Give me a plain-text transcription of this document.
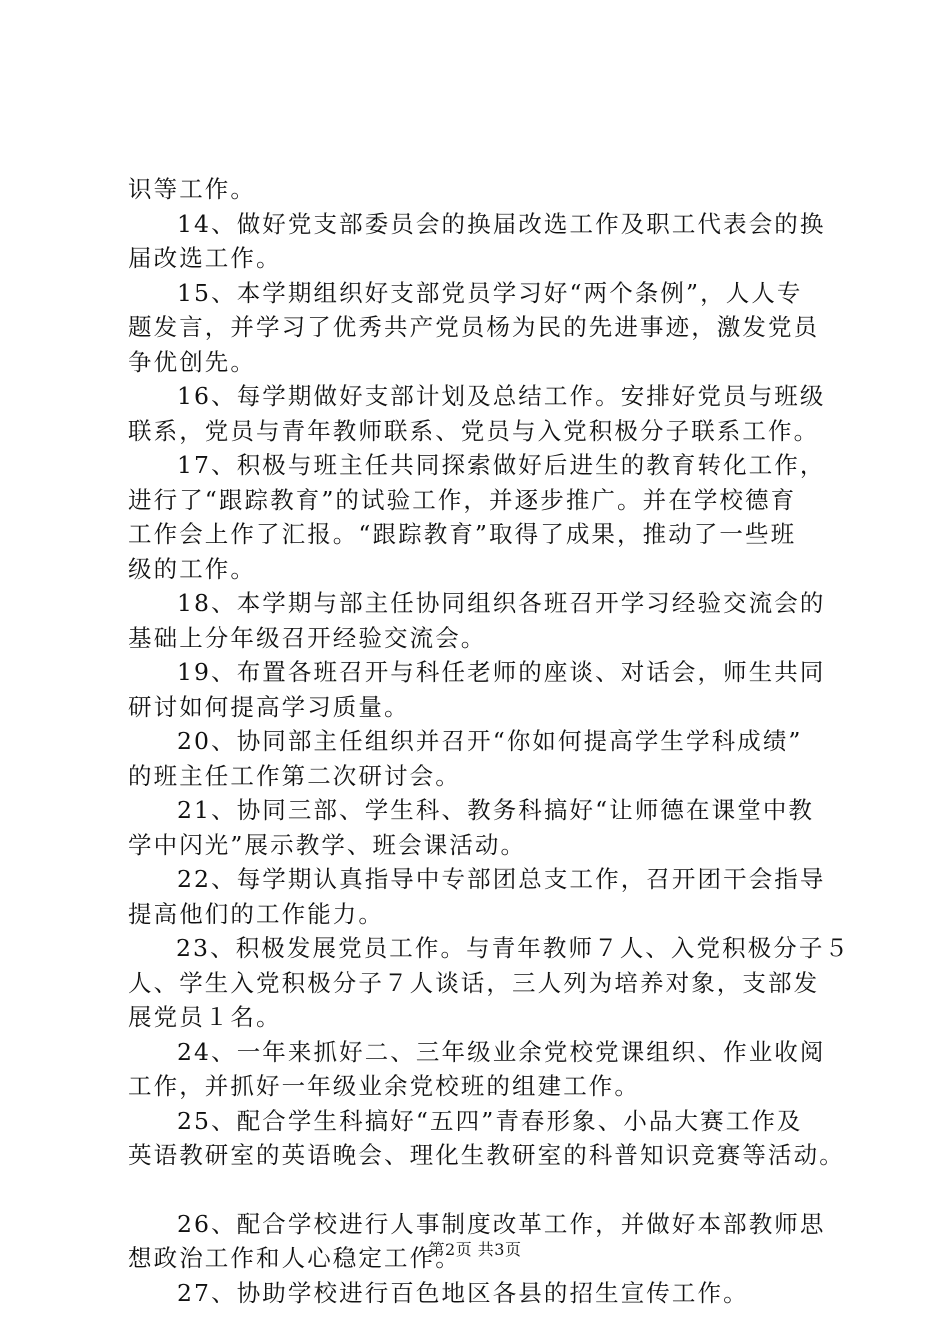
识等工作。
14、做好党支部委员会的换届改选工作及职工代表会的换
届改选工作。
15、本学期组织好支部党员学习好“两个条例”，人人专
题发言，并学习了优秀共产党员杨为民的先进事迹，激发党员
争优创先。
16、每学期做好支部计划及总结工作。安排好党员与班级
联系，党员与青年教师联系、党员与入党积极分子联系工作。
17、积极与班主任共同探索做好后进生的教育转化工作，
进行了“跟踪教育”的试验工作，并逐步推广。并在学校德育
工作会上作了汇报。“跟踪教育”取得了成果，推动了一些班
级的工作。
18、本学期与部主任协同组织各班召开学习经验交流会的
基础上分年级召开经验交流会。
19、布置各班召开与科任老师的座谈、对话会，师生共同
研讨如何提高学习质量。
20、协同部主任组织并召开“你如何提高学生学科成绩”
的班主任工作第二次研讨会。
21、协同三部、学生科、教务科搞好“让师德在课堂中教
学中闪光”展示教学、班会课活动。
22、每学期认真指导中专部团总支工作，召开团干会指导
提高他们的工作能力。
23、积极发展党员工作。与青年教师７人、入党积极分子５
人、学生入党积极分子７人谈话，三人列为培养对象，支部发
展党员１名。
24、一年来抓好二、三年级业余党校党课组织、作业收阅
工作，并抓好一年级业余党校班的组建工作。
25、配合学生科搞好“五四”青春形象、小品大赛工作及
英语教研室的英语晚会、理化生教研室的科普知识竞赛等活动。
26、配合学校进行人事制度改革工作，并做好本部教师思
想政治工作和人心稳定工作。
27、协助学校进行百色地区各县的招生宣传工作。
第2页 共3页
